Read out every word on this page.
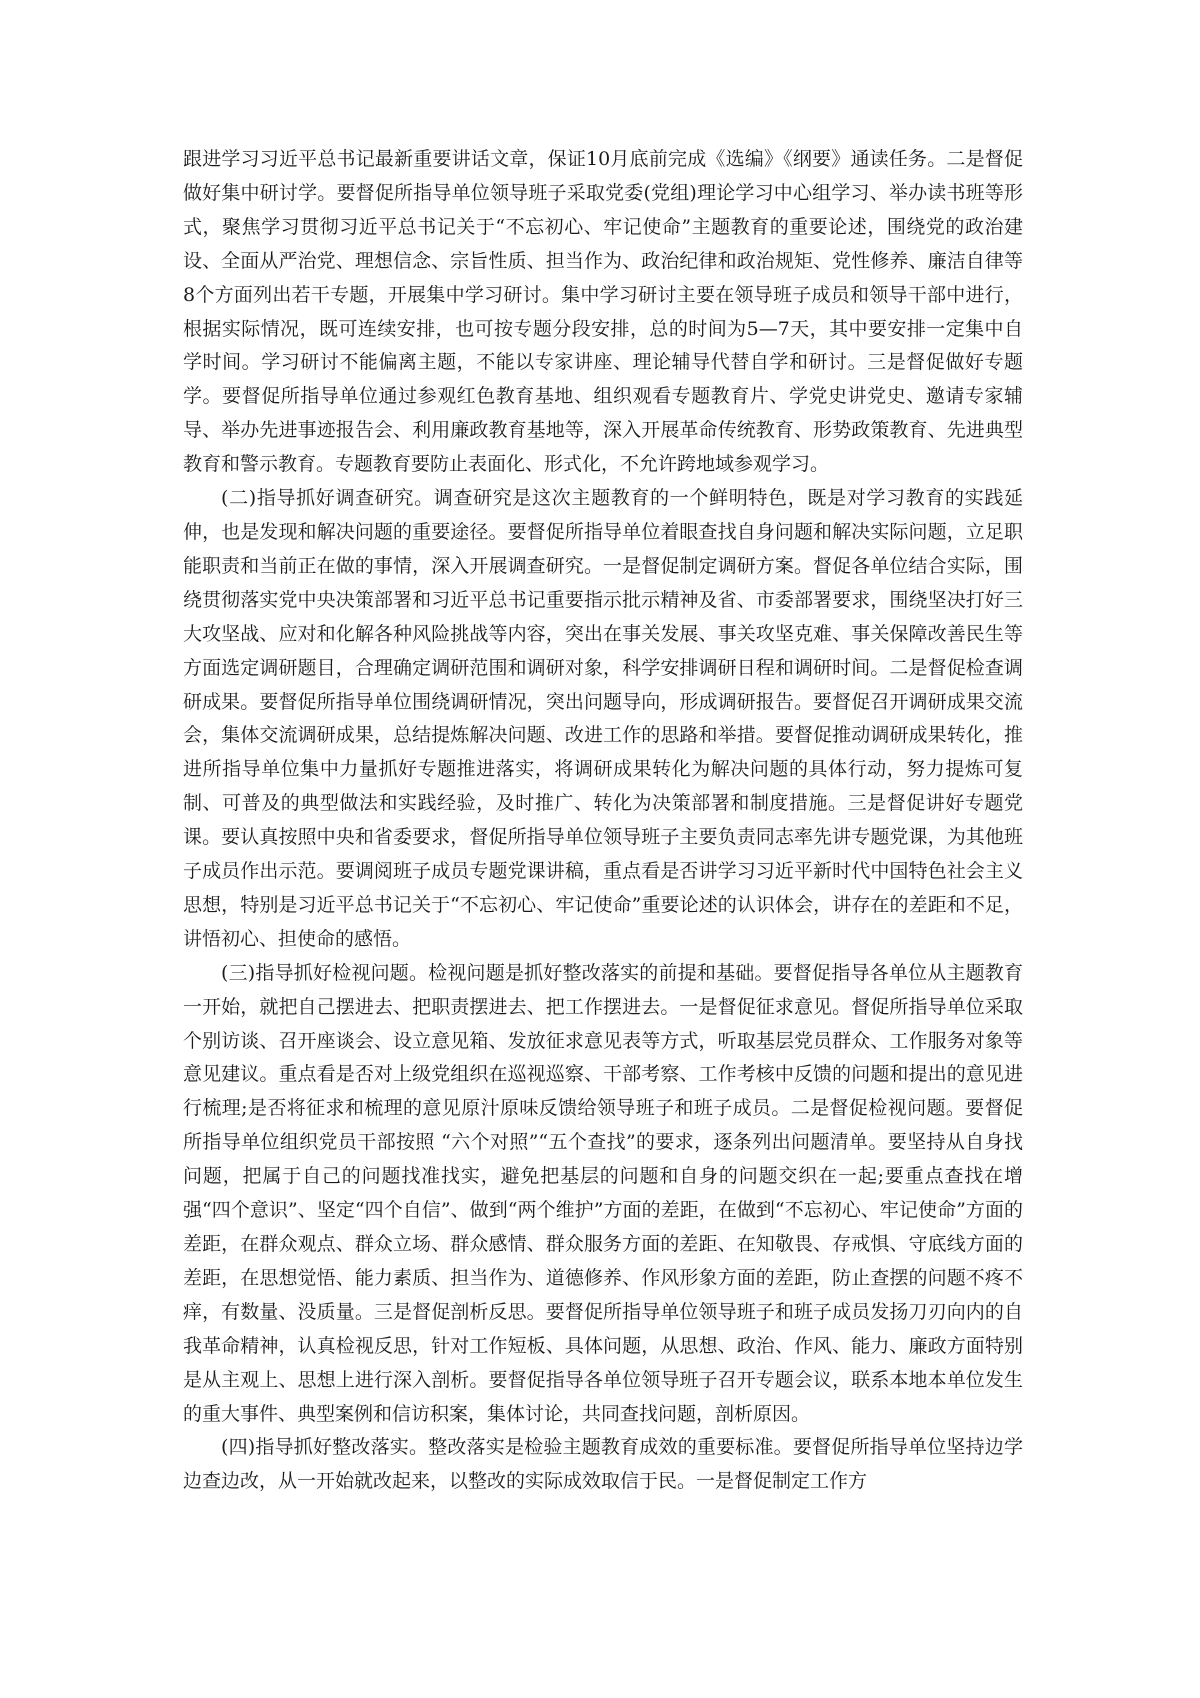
跟进学习习近平总书记最新重要讲话文章，保证10月底前完成《选编》《纲要》通读任务。二是督促做好集中研讨学。要督促所指导单位领导班子采取党委(党组)理论学习中心组学习、举办读书班等形式，聚焦学习贯彻习近平总书记关于“不忘初心、牢记使命”主题教育的重要论述，围绕党的政治建设、全面从严治党、理想信念、宗旨性质、担当作为、政治纪律和政治规矩、党性修养、廉洁自律等8个方面列出若干专题，开展集中学习研讨。集中学习研讨主要在领导班子成员和领导干部中进行，根据实际情况，既可连续安排，也可按专题分段安排，总的时间为5—7天，其中要安排一定集中自学时间。学习研讨不能偏离主题，不能以专家讲座、理论辅导代替自学和研讨。三是督促做好专题学。要督促所指导单位通过参观红色教育基地、组织观看专题教育片、学党史讲党史、邀请专家辅导、举办先进事迹报告会、利用廉政教育基地等，深入开展革命传统教育、形势政策教育、先进典型教育和警示教育。专题教育要防止表面化、形式化，不允许跨地域参观学习。

(二)指导抓好调查研究。调查研究是这次主题教育的一个鲜明特色，既是对学习教育的实践延伸，也是发现和解决问题的重要途径。要督促所指导单位着眼查找自身问题和解决实际问题，立足职能职责和当前正在做的事情，深入开展调查研究。一是督促制定调研方案。督促各单位结合实际，围绕贯彻落实党中央决策部署和习近平总书记重要指示批示精神及省、市委部署要求，围绕坚决打好三大攻坚战、应对和化解各种风险挑战等内容，突出在事关发展、事关攻坚克难、事关保障改善民生等方面选定调研题目，合理确定调研范围和调研对象，科学安排调研日程和调研时间。二是督促检查调研成果。要督促所指导单位围绕调研情况，突出问题导向，形成调研报告。要督促召开调研成果交流会，集体交流调研成果，总结提炼解决问题、改进工作的思路和举措。要督促推动调研成果转化，推进所指导单位集中力量抓好专题推进落实，将调研成果转化为解决问题的具体行动，努力提炼可复制、可普及的典型做法和实践经验，及时推广、转化为决策部署和制度措施。三是督促讲好专题党课。要认真按照中央和省委要求，督促所指导单位领导班子主要负责同志率先讲专题党课，为其他班子成员作出示范。要调阅班子成员专题党课讲稿，重点看是否讲学习习近平新时代中国特色社会主义思想，特别是习近平总书记关于“不忘初心、牢记使命”重要论述的认识体会，讲存在的差距和不足，讲悟初心、担使命的感悟。

(三)指导抓好检视问题。检视问题是抓好整改落实的前提和基础。要督促指导各单位从主题教育一开始，就把自己摆进去、把职责摆进去、把工作摆进去。一是督促征求意见。督促所指导单位采取个别访谈、召开座谈会、设立意见箱、发放征求意见表等方式，听取基层党员群众、工作服务对象等意见建议。重点看是否对上级党组织在巡视巡察、干部考察、工作考核中反馈的问题和提出的意见进行梳理;是否将征求和梳理的意见原汁原味反馈给领导班子和班子成员。二是督促检视问题。要督促所指导单位组织党员干部按照 “六个对照”“五个查找”的要求，逐条列出问题清单。要坚持从自身找问题，把属于自己的问题找准找实，避免把基层的问题和自身的问题交织在一起;要重点查找在增强“四个意识”、坚定“四个自信”、做到“两个维护”方面的差距，在做到“不忘初心、牢记使命”方面的差距，在群众观点、群众立场、群众感情、群众服务方面的差距、在知敬畏、存戒惧、守底线方面的差距，在思想觉悟、能力素质、担当作为、道德修养、作风形象方面的差距，防止查摆的问题不疼不痒，有数量、没质量。三是督促剖析反思。要督促所指导单位领导班子和班子成员发扬刀刃向内的自我革命精神，认真检视反思，针对工作短板、具体问题，从思想、政治、作风、能力、廉政方面特别是从主观上、思想上进行深入剖析。要督促指导各单位领导班子召开专题会议，联系本地本单位发生的重大事件、典型案例和信访积案，集体讨论，共同查找问题，剖析原因。

(四)指导抓好整改落实。整改落实是检验主题教育成效的重要标准。要督促所指导单位坚持边学边查边改，从一开始就改起来，以整改的实际成效取信于民。一是督促制定工作方
